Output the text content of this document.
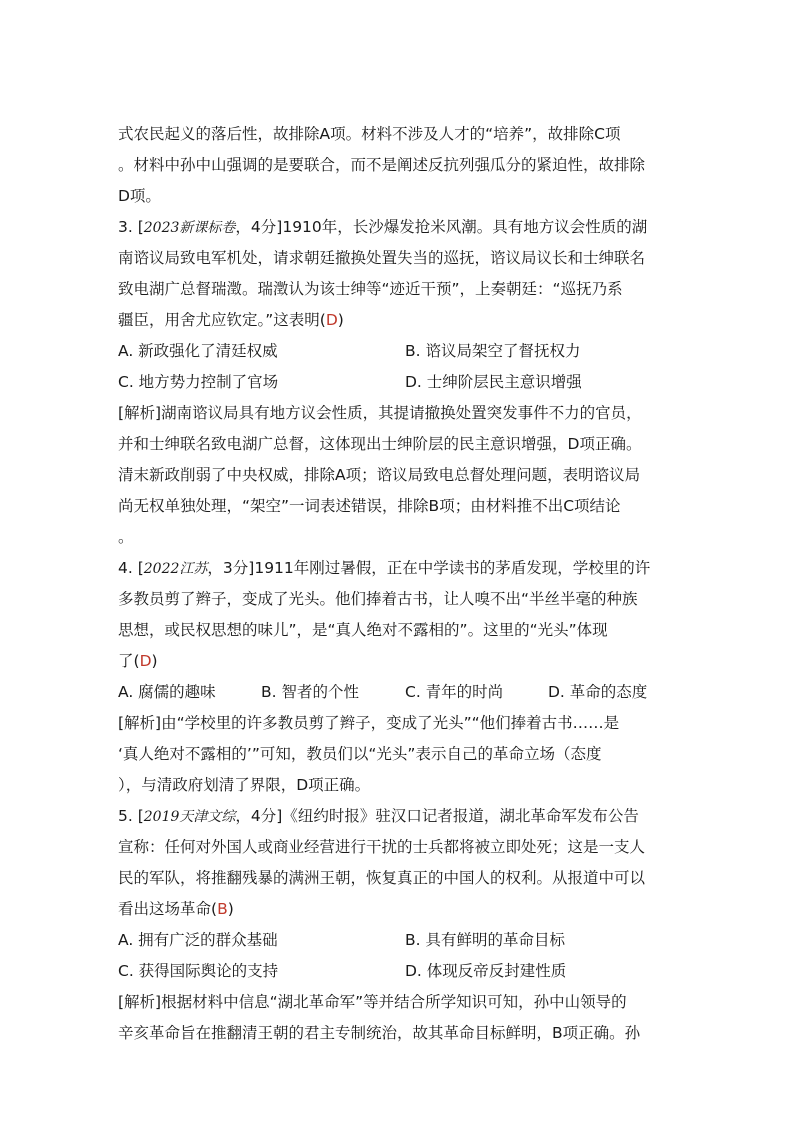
式农民起义的落后性，故排除A项。材料不涉及人才的“培养”，故排除C项
。材料中孙中山强调的是要联合，而不是阐述反抗列强瓜分的紧迫性，故排除
D项。
3. [2023新课标卷，4分]1910年，长沙爆发抢米风潮。具有地方议会性质的湖
南谘议局致电军机处，请求朝廷撤换处置失当的巡抚，谘议局议长和士绅联名
致电湖广总督瑞澂。瑞澂认为该士绅等“迹近干预”，上奏朝廷：“巡抚乃系
疆臣，用舍尤应钦定。”这表明(D)
A. 新政强化了清廷权威	B. 谘议局架空了督抚权力
C. 地方势力控制了官场	D. 士绅阶层民主意识增强
[解析]湖南谘议局具有地方议会性质，其提请撤换处置突发事件不力的官员，
并和士绅联名致电湖广总督，这体现出士绅阶层的民主意识增强，D项正确。
清末新政削弱了中央权威，排除A项；谘议局致电总督处理问题，表明谘议局
尚无权单独处理，“架空”一词表述错误，排除B项；由材料推不出C项结论
。
4. [2022江苏，3分]1911年刚过暑假，正在中学读书的茅盾发现，学校里的许
多教员剪了辫子，变成了光头。他们捧着古书，让人嗅不出“半丝半毫的种族
思想，或民权思想的味儿”，是“真人绝对不露相的”。这里的“光头”体现
了(D)
A. 腐儒的趣味	B. 智者的个性	C. 青年的时尚	D. 革命的态度
[解析]由“学校里的许多教员剪了辫子，变成了光头”“他们捧着古书……是
‘真人绝对不露相的’”可知，教员们以“光头”表示自己的革命立场（态度
），与清政府划清了界限，D项正确。
5. [2019天津文综，4分]《纽约时报》驻汉口记者报道，湖北革命军发布公告
宣称：任何对外国人或商业经营进行干扰的士兵都将被立即处死；这是一支人
民的军队，将推翻残暴的满洲王朝，恢复真正的中国人的权利。从报道中可以
看出这场革命(B)
A. 拥有广泛的群众基础	B. 具有鲜明的革命目标
C. 获得国际舆论的支持	D. 体现反帝反封建性质
[解析]根据材料中信息“湖北革命军”等并结合所学知识可知，孙中山领导的
辛亥革命旨在推翻清王朝的君主专制统治，故其革命目标鲜明，B项正确。孙
